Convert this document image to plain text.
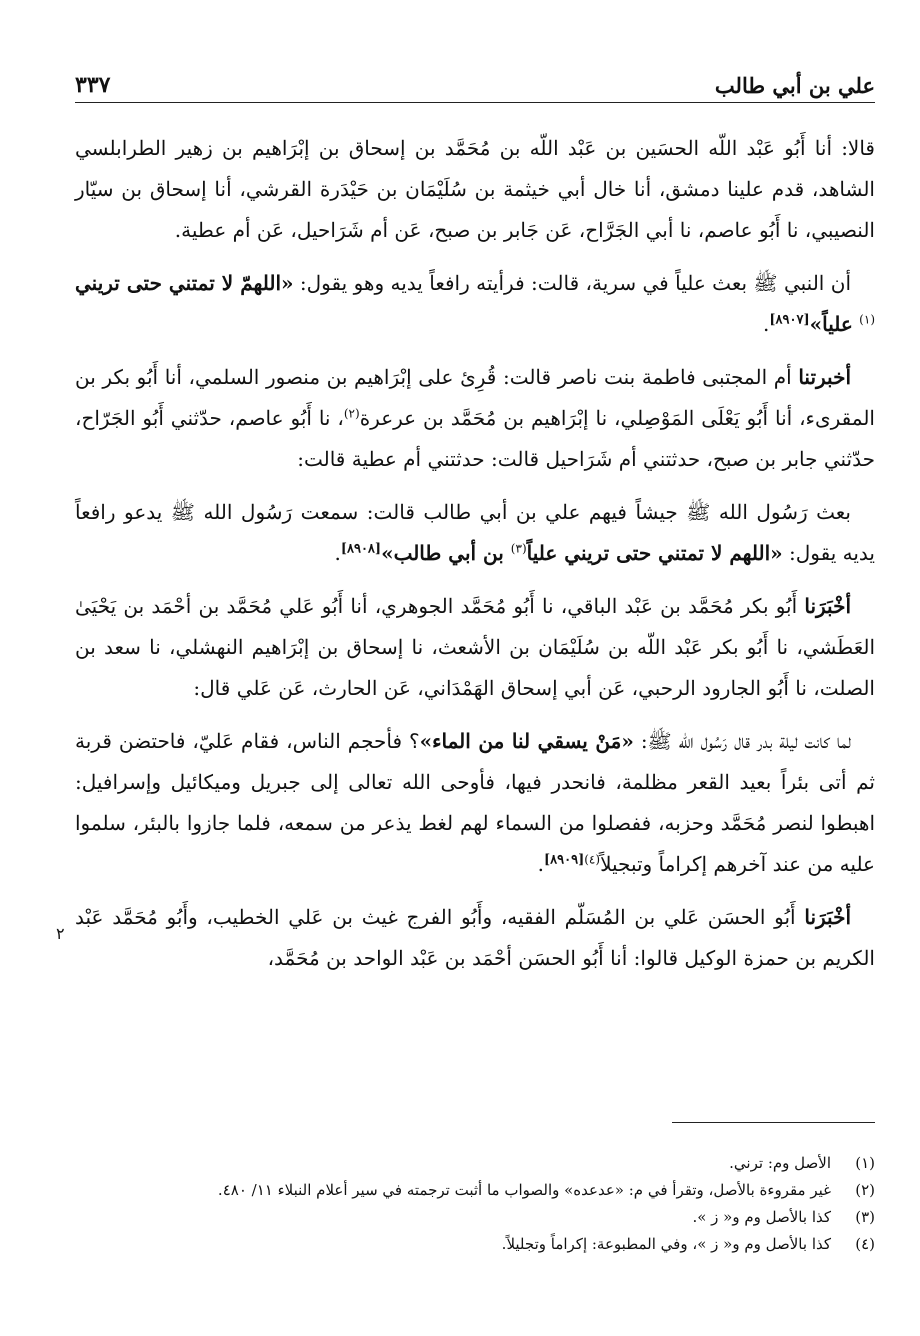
علي بن أبي طالب
٣٣٧

قالا: أنا أَبُو عَبْد اللّه الحسَين بن عَبْد اللّه بن مُحَمَّد بن إسحاق بن إبْرَاهيم بن زهير الطرابلسي الشاهد، قدم علينا دمشق، أنا خال أبي خيثمة بن سُلَيْمَان بن حَيْدَرة القرشي، أنا إسحاق بن سيّار النصيبي، نا أَبُو عاصم، نا أبي الجَرَّاح، عَن جَابر بن صبح، عَن أم شَرَاحيل، عَن أم عطية.

أن النبي ﷺ بعث علياً في سرية، قالت: فرأيته رافعاً يديه وهو يقول: «اللهمّ لا تمتني حتى تريني $^{(١)}$ علياً»[٨٩٠٧].

أخبرتنا أم المجتبى فاطمة بنت ناصر قالت: قُرِئ على إبْرَاهيم بن منصور السلمي، أنا أَبُو بكر بن المقرىء، أنا أَبُو يَعْلَى المَوْصِلي، نا إبْرَاهيم بن مُحَمَّد بن عرعرة$^{(٢)}$، نا أَبُو عاصم، حدّثني أَبُو الجَرّاح، حدّثني جابر بن صبح، حدثتني أم شَرَاحيل قالت: حدثتني أم عطية قالت:

بعث رَسُول الله ﷺ جيشاً فيهم علي بن أبي طالب قالت: سمعت رَسُول الله ﷺ يدعو رافعاً يديه يقول: «اللهم لا تمتني حتى تريني علياً$^{(٣)}$ بن أبي طالب»[٨٩٠٨].

أخْبَرَنا أَبُو بكر مُحَمَّد بن عَبْد الباقي، نا أَبُو مُحَمَّد الجوهري، أنا أَبُو عَلي مُحَمَّد بن أحْمَد بن يَحْيَىٰ العَطَشي، نا أَبُو بكر عَبْد اللّه بن سُلَيْمَان بن الأشعث، نا إسحاق بن إبْرَاهيم النهشلي، نا سعد بن الصلت، نا أَبُو الجارود الرحبي، عَن أبي إسحاق الهَمْدَاني، عَن الحارث، عَن عَلي قال:

لما كانت ليلة بدر قال رَسُول الله ﷺ: «مَنْ يسقي لنا من الماء»؟ فأحجم الناس، فقام عَليّ، فاحتضن قربة ثم أتى بئراً بعيد القعر مظلمة، فانحدر فيها، فأوحى الله تعالى إلى جبريل وميكائيل وإسرافيل: اهبطوا لنصر مُحَمَّد وحزبه، ففصلوا من السماء لهم لغط يذعر من سمعه، فلما جازوا بالبئر، سلموا عليه من عند آخرهم إكراماً وتبجيلاً$^{(٤)[٨٩٠٩]}$.

أخْبَرَنا أَبُو الحسَن عَلي بن المُسَلّم الفقيه، وأَبُو الفرج غيث بن عَلي الخطيب، وأَبُو مُحَمَّد عَبْد الكريم بن حمزة الوكيل قالوا: أنا أَبُو الحسَن أحْمَد بن عَبْد الواحد بن مُحَمَّد،

٢
(١)
الأصل وم: ترني.
(٢)
غير مقروءة بالأصل، وتقرأ في م: «عدعده» والصواب ما أثبت ترجمته في سير أعلام النبلاء ١١/ ٤٨٠.
(٣)
كذا بالأصل وم و« ز ».
(٤)
كذا بالأصل وم و« ز »، وفي المطبوعة: إكراماً وتجليلاً.
